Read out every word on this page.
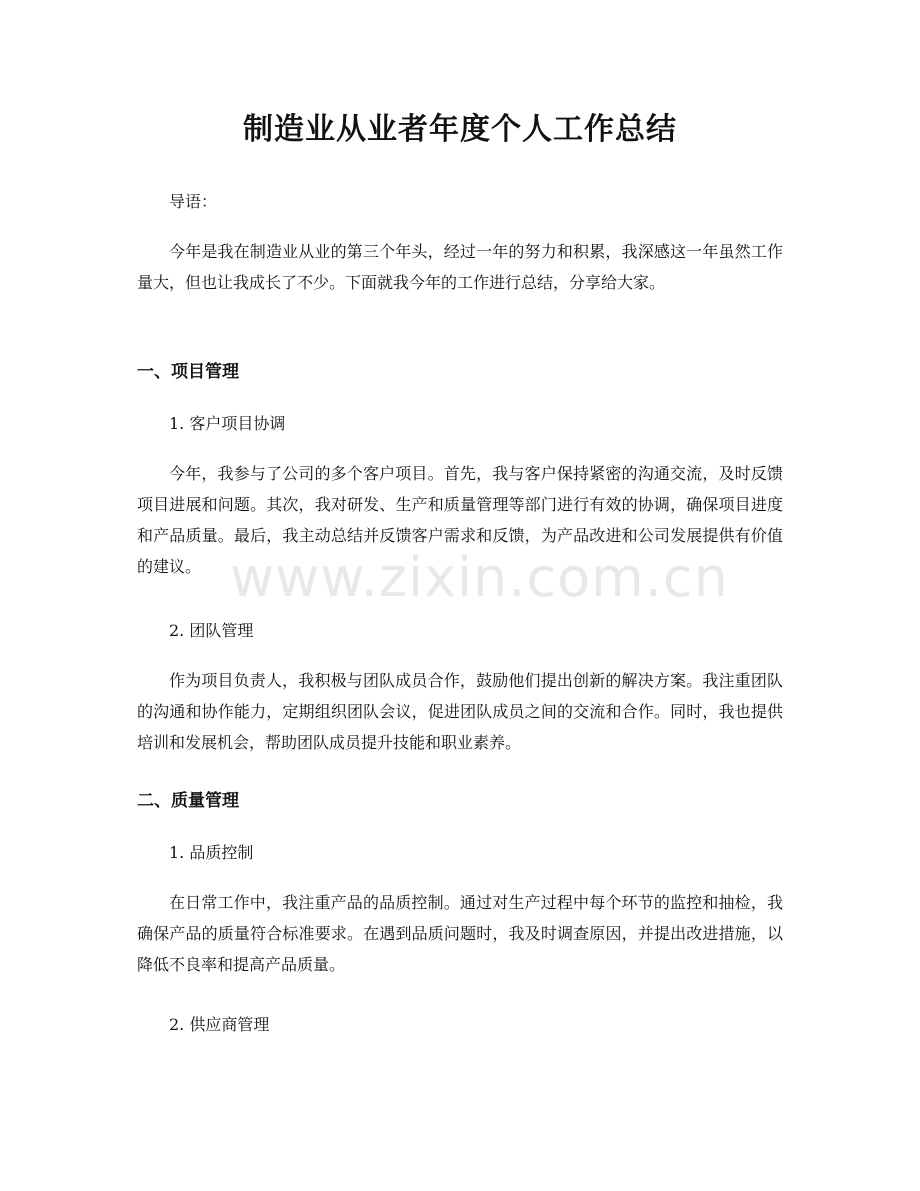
制造业从业者年度个人工作总结

导语：

今年是我在制造业从业的第三个年头，经过一年的努力和积累，我深感这一年虽然工作量大，但也让我成长了不少。下面就我今年的工作进行总结，分享给大家。

一、项目管理

1. 客户项目协调

今年，我参与了公司的多个客户项目。首先，我与客户保持紧密的沟通交流，及时反馈项目进展和问题。其次，我对研发、生产和质量管理等部门进行有效的协调，确保项目进度和产品质量。最后，我主动总结并反馈客户需求和反馈，为产品改进和公司发展提供有价值的建议。

2. 团队管理

作为项目负责人，我积极与团队成员合作，鼓励他们提出创新的解决方案。我注重团队的沟通和协作能力，定期组织团队会议，促进团队成员之间的交流和合作。同时，我也提供培训和发展机会，帮助团队成员提升技能和职业素养。

二、质量管理

1. 品质控制

在日常工作中，我注重产品的品质控制。通过对生产过程中每个环节的监控和抽检，我确保产品的质量符合标准要求。在遇到品质问题时，我及时调查原因，并提出改进措施，以降低不良率和提高产品质量。

2. 供应商管理

www.zixin.com.cn
